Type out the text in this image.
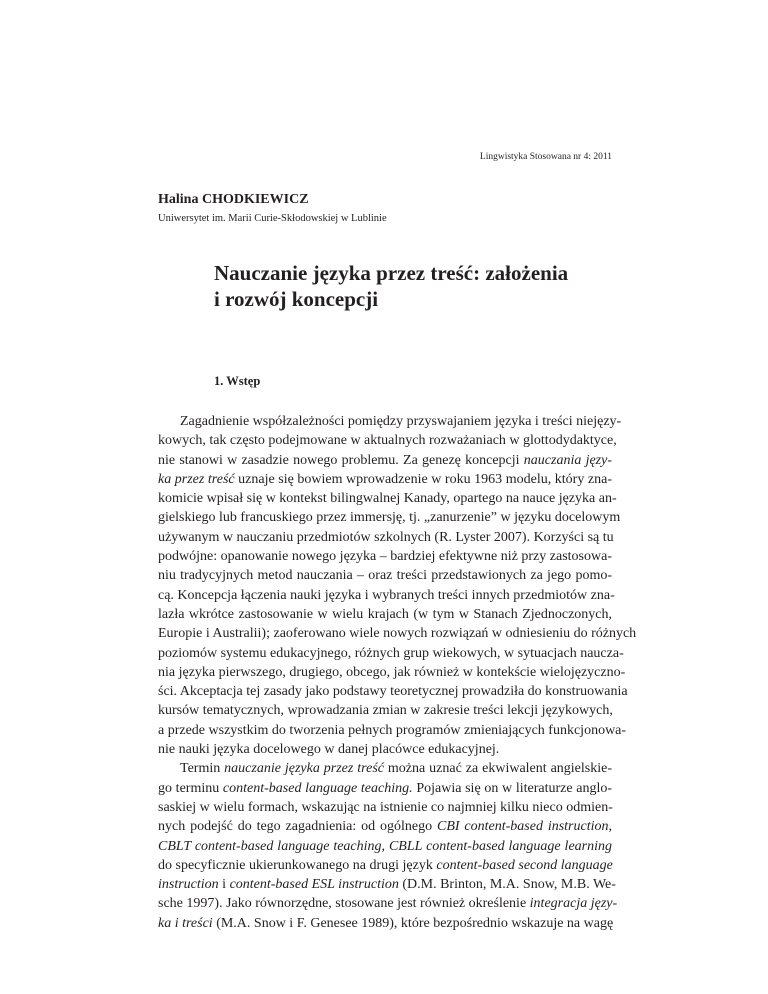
Lingwistyka Stosowana nr 4: 2011
Halina CHODKIEWICZ
Uniwersytet im. Marii Curie-Skłodowskiej w Lublinie
Nauczanie języka przez treść: założenia
i rozwój koncepcji
1. Wstęp
Zagadnienie współzależności pomiędzy przyswajaniem języka i treści niejęzy-
kowych, tak często podejmowane w aktualnych rozważaniach w glottodydaktyce,
nie stanowi w zasadzie nowego problemu. Za genezę koncepcji nauczania języ-
ka przez treść uznaje się bowiem wprowadzenie w roku 1963 modelu, który zna-
komicie wpisał się w kontekst bilingwalnej Kanady, opartego na nauce języka an-
gielskiego lub francuskiego przez immersję, tj. „zanurzenie” w języku docelowym
używanym w nauczaniu przedmiotów szkolnych (R. Lyster 2007). Korzyści są tu
podwójne: opanowanie nowego języka – bardziej efektywne niż przy zastosowa-
niu tradycyjnych metod nauczania – oraz treści przedstawionych za jego pomo-
cą. Koncepcja łączenia nauki języka i wybranych treści innych przedmiotów zna-
lazła wkrótce zastosowanie w wielu krajach (w tym w Stanach Zjednoczonych,
Europie i Australii); zaoferowano wiele nowych rozwiązań w odniesieniu do różnych
poziomów systemu edukacyjnego, różnych grup wiekowych, w sytuacjach naucza-
nia języka pierwszego, drugiego, obcego, jak również w kontekście wielojęzyczno-
ści. Akceptacja tej zasady jako podstawy teoretycznej prowadziła do konstruowania
kursów tematycznych, wprowadzania zmian w zakresie treści lekcji językowych,
a przede wszystkim do tworzenia pełnych programów zmieniających funkcjonowa-
nie nauki języka docelowego w danej placówce edukacyjnej.
Termin nauczanie języka przez treść można uznać za ekwiwalent angielskie-
go terminu content-based language teaching. Pojawia się on w literaturze anglo-
saskiej w wielu formach, wskazując na istnienie co najmniej kilku nieco odmien-
nych podejść do tego zagadnienia: od ogólnego CBI content-based instruction,
CBLT content-based language teaching, CBLL content-based language learning
do specyficznie ukierunkowanego na drugi język content-based second language
instruction i content-based ESL instruction (D.M. Brinton, M.A. Snow, M.B. We-
sche 1997). Jako równorzędne, stosowane jest również określenie integracja języ-
ka i treści (M.A. Snow i F. Genesee 1989), które bezpośrednio wskazuje na wagę
